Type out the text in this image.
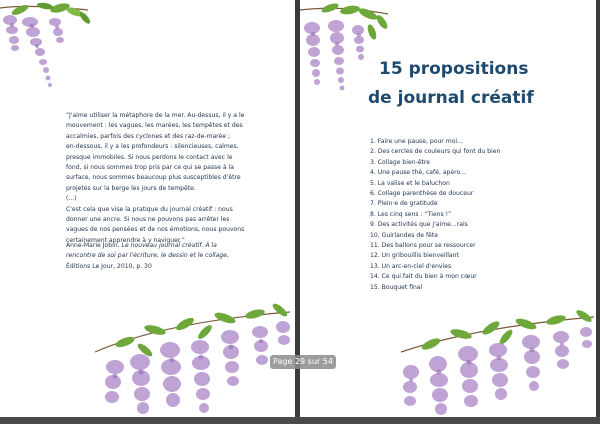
“J'aime utiliser la métaphore de la mer. Au-dessus, il y a le

mouvement : les vagues, les marées, les tempêtes et des

accalmies, parfois des cyclones et des raz-de-marée ;

en-dessous, il y a les profondeurs : silencieuses, calmes,

presque immobiles. Si nous perdons le contact avec le

fond, si nous sommes trop pris par ce qui se passe à la

surface, nous sommes beaucoup plus susceptibles d'être

projetés sur la berge les jours de tempête.

(...)

C'est cela que vise la pratique du journal créatif : nous

donner une ancre. Si nous ne pouvons pas arrêter les

vagues de nos pensées et de nos émotions, nous pouvons

certainement apprendre à y naviguer.”

Anne-Marie Jobin, Le nouveau journal créatif. À la
rencontre de soi par l'écriture, le dessin et le collage,
Éditions Le Jour, 2010, p. 30
15 propositions
de journal créatif
1. Faire une pause, pour moi...
2. Des cercles de couleurs qui font du bien
3. Collage bien-être
4. Une pause thé, café, apéro...
5. La valise et le baluchon
6. Collage parenthèse de douceur
7. Plein·e de gratitude
8. Les cinq sens : “Tiens !”
9. Des activités que j'aime...rais
10. Guirlandes de fête
11. Des ballons pour se ressourcer
12. Un gribouillis bienveillant
13. Un arc-en-ciel d'envies
14. Ce qui fait du bien à mon cœur
15. Bouquet final
Page 29 sur 54
